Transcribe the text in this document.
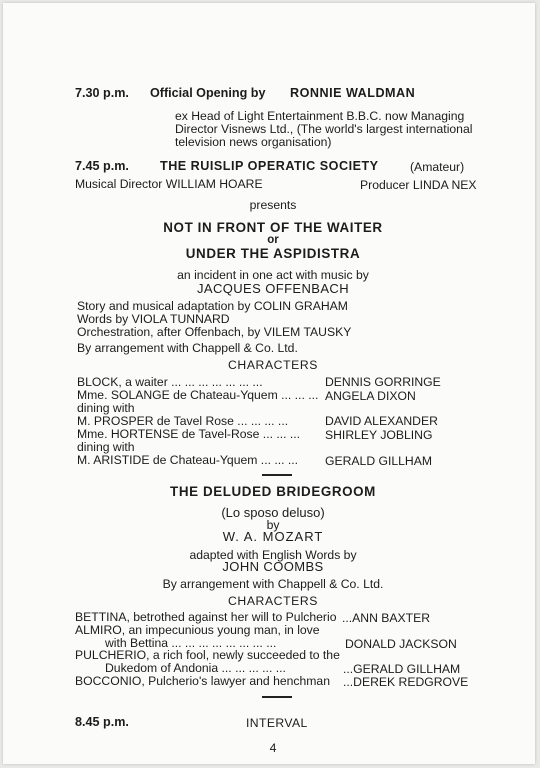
7.30 p.m. Official Opening by RONNIE WALDMAN
ex Head of Light Entertainment B.B.C. now Managing
Director Visnews Ltd., (The world's largest international
television news organisation)
7.45 p.m. THE RUISLIP OPERATIC SOCIETY	(Amateur)
Musical Director WILLIAM HOARE	Producer LINDA NEX
presents
NOT IN FRONT OF THE WAITER
or
UNDER THE ASPIDISTRA
an incident in one act with music by
JACQUES OFFENBACH
Story and musical adaptation by COLIN GRAHAM
Words by VIOLA TUNNARD
Orchestration, after Offenbach, by VILEM TAUSKY
By arrangement with Chappell & Co. Ltd.
CHARACTERS
BLOCK, a waiter ... ... ... ... ... ... ...	DENNIS GORRINGE
Mme. SOLANGE de Chateau-Yquem ... ... ... ANGELA DIXON
dining with
M. PROSPER de Tavel Rose ... ... ... ...	DAVID ALEXANDER
Mme. HORTENSE de Tavel-Rose ... ... ... SHIRLEY JOBLING
dining with
M. ARISTIDE de Chateau-Yquem ... ... ... GERALD GILLHAM
THE DELUDED BRIDEGROOM
(Lo sposo deluso)
by
W. A. MOZART
adapted with English Words by
JOHN COOMBS
By arrangement with Chappell & Co. Ltd.
CHARACTERS
BETTINA, betrothed against her will to Pulcherio ...ANN BAXTER
ALMIRO, an impecunious young man, in love
with Bettina ... ... ... ... ... ... ... ...	DONALD JACKSON
PULCHERIO, a rich fool, newly succeeded to the
Dukedom of Andonia ... ... ... ... ...	...GERALD GILLHAM
BOCCONIO, Pulcherio's lawyer and henchman ...DEREK REDGROVE
8.45 p.m.	INTERVAL
4
